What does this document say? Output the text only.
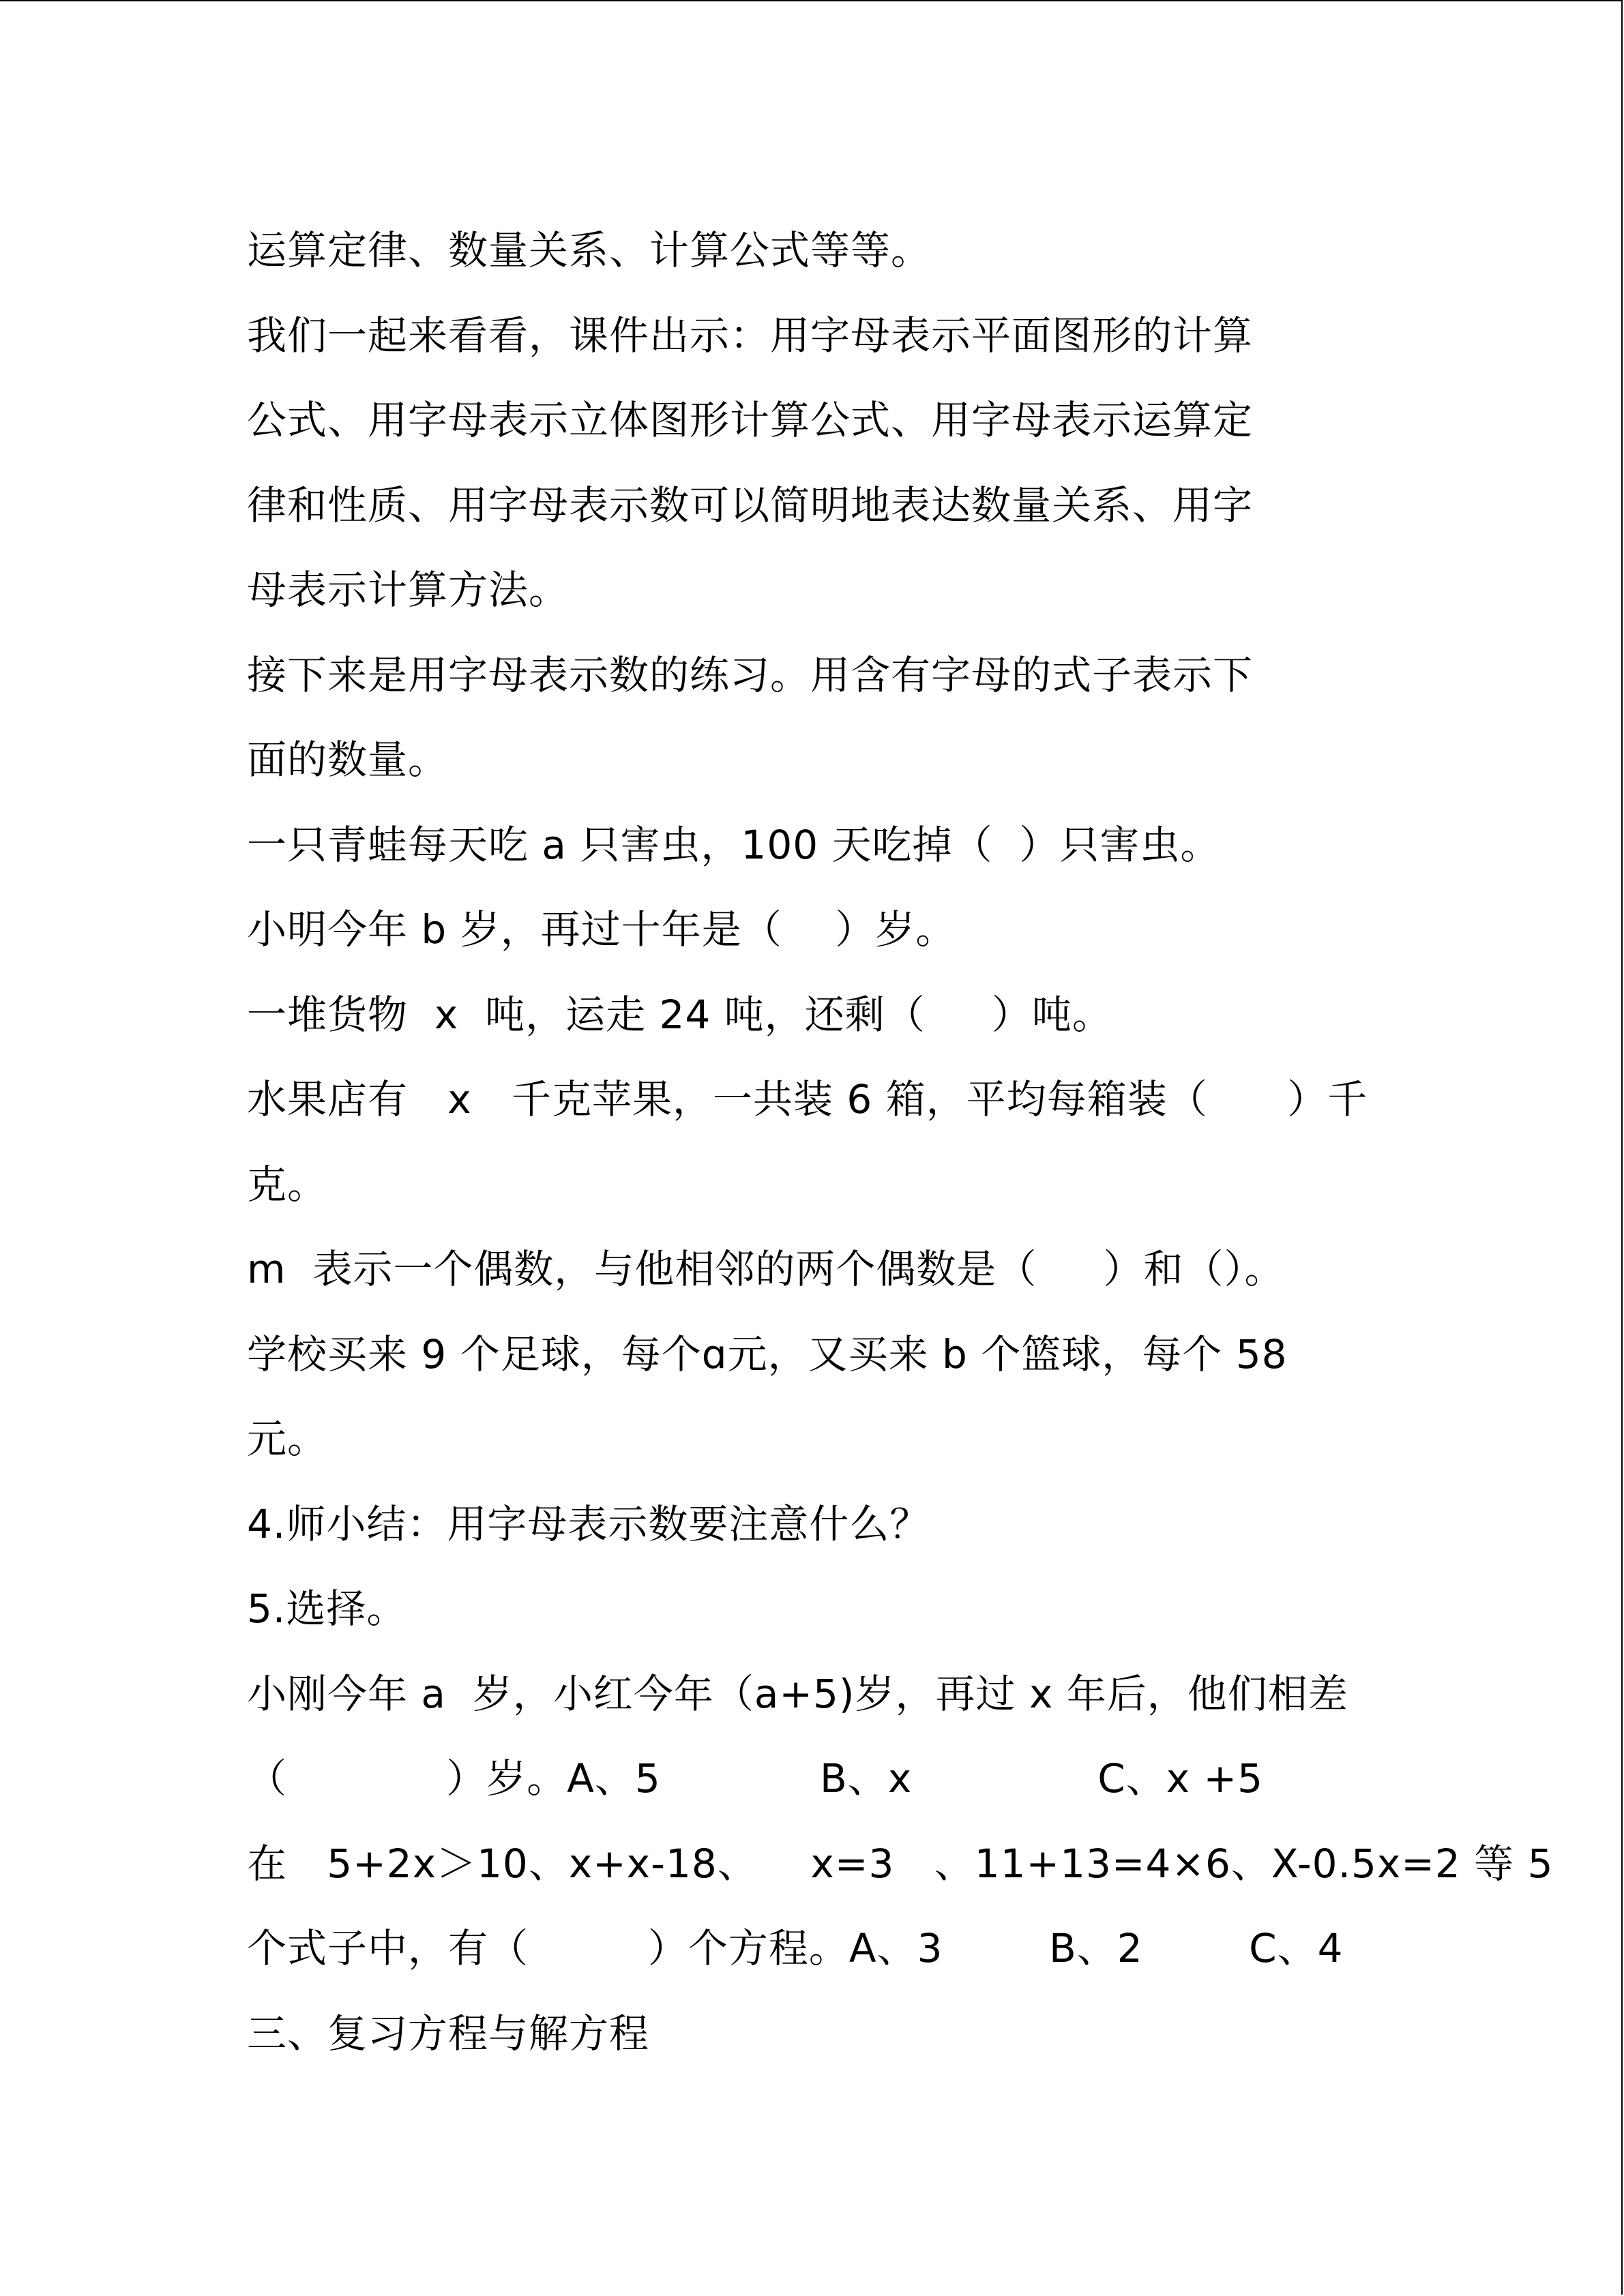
运算定律、数量关系、计算公式等等。
我们一起来看看，课件出示：用字母表示平面图形的计算
公式、用字母表示立体图形计算公式、用字母表示运算定
律和性质、用字母表示数可以简明地表达数量关系、用字
母表示计算方法。
接下来是用字母表示数的练习。用含有字母的式子表示下
面的数量。
一只青蛙每天吃 a 只害虫，100 天吃掉（  ）只害虫。
小明今年 b 岁，再过十年是（    ）岁。
一堆货物  x  吨，运走 24 吨，还剩（     ）吨。
水果店有   x   千克苹果，一共装 6 箱，平均每箱装（      ）千
克。
m  表示一个偶数，与他相邻的两个偶数是（     ）和（）。
学校买来 9 个足球，每个ɑ元，又买来 b 个篮球，每个 58
元。
4.师小结：用字母表示数要注意什么？
5.选择。
小刚今年 a  岁，小红今年（a+5)岁，再过 x 年后，他们相差
（            ）岁。A、5            B、x              C、x +5
在   5+2x＞10、x+x-18、    x=3   、11+13=4×6、X-0.5x=2 等 5
个式子中，有（         ）个方程。A、3        B、2        C、4
三、复习方程与解方程
